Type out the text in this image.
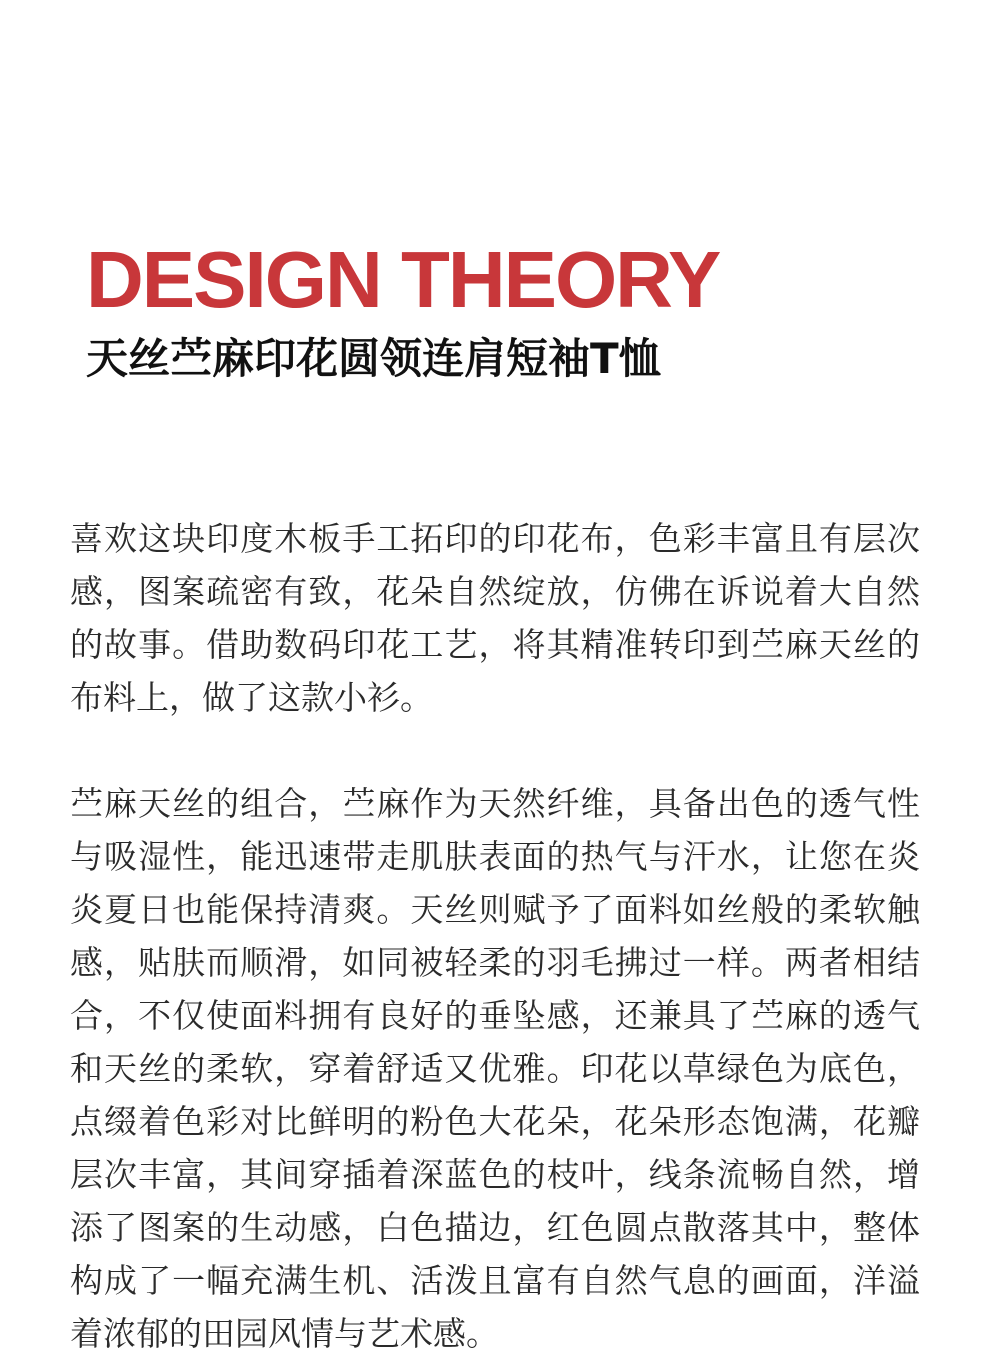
DESIGN THEORY
天丝苎麻印花圆领连肩短袖T恤

喜欢这块印度木板手工拓印的印花布，色彩丰富且有层次感，图案疏密有致，花朵自然绽放，仿佛在诉说着大自然的故事。借助数码印花工艺，将其精准转印到苎麻天丝的布料上，做了这款小衫。

苎麻天丝的组合，苎麻作为天然纤维，具备出色的透气性与吸湿性，能迅速带走肌肤表面的热气与汗水，让您在炎炎夏日也能保持清爽。天丝则赋予了面料如丝般的柔软触感，贴肤而顺滑，如同被轻柔的羽毛拂过一样。两者相结合，不仅使面料拥有良好的垂坠感，还兼具了苎麻的透气和天丝的柔软，穿着舒适又优雅。印花以草绿色为底色，点缀着色彩对比鲜明的粉色大花朵，花朵形态饱满，花瓣层次丰富，其间穿插着深蓝色的枝叶，线条流畅自然，增添了图案的生动感，白色描边，红色圆点散落其中，整体构成了一幅充满生机、活泼且富有自然气息的画面，洋溢着浓郁的田园风情与艺术感。
